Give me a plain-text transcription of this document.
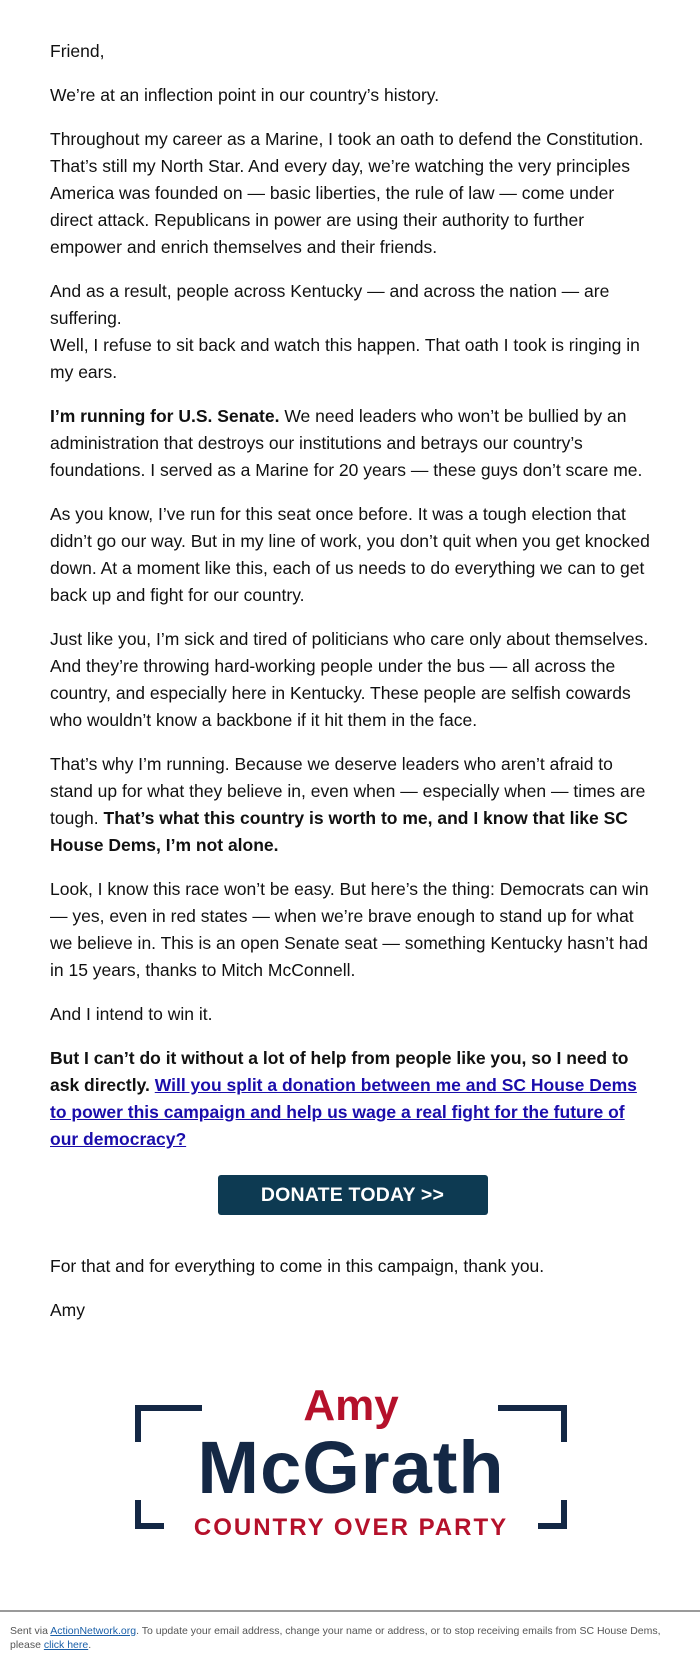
Friend,

We’re at an inflection point in our country’s history.

Throughout my career as a Marine, I took an oath to defend the Constitution. That’s still my North Star. And every day, we’re watching the very principles America was founded on — basic liberties, the rule of law — come under direct attack. Republicans in power are using their authority to further empower and enrich themselves and their friends.

And as a result, people across Kentucky — and across the nation — are suffering.
Well, I refuse to sit back and watch this happen. That oath I took is ringing in my ears.

I’m running for U.S. Senate. We need leaders who won’t be bullied by an administration that destroys our institutions and betrays our country’s foundations. I served as a Marine for 20 years — these guys don’t scare me.

As you know, I’ve run for this seat once before. It was a tough election that didn’t go our way. But in my line of work, you don’t quit when you get knocked down. At a moment like this, each of us needs to do everything we can to get back up and fight for our country.

Just like you, I’m sick and tired of politicians who care only about themselves. And they’re throwing hard-working people under the bus — all across the country, and especially here in Kentucky. These people are selfish cowards who wouldn’t know a backbone if it hit them in the face.

That’s why I’m running. Because we deserve leaders who aren’t afraid to stand up for what they believe in, even when — especially when — times are tough. That’s what this country is worth to me, and I know that like SC House Dems, I’m not alone.

Look, I know this race won’t be easy. But here’s the thing: Democrats can win — yes, even in red states — when we’re brave enough to stand up for what we believe in. This is an open Senate seat — something Kentucky hasn’t had in 15 years, thanks to Mitch McConnell.

And I intend to win it.

But I can’t do it without a lot of help from people like you, so I need to ask directly. Will you split a donation between me and SC House Dems to power this campaign and help us wage a real fight for the future of our democracy?

DONATE TODAY >>

For that and for everything to come in this campaign, thank you.

Amy

Amy
McGrath
COUNTRY OVER PARTY
Sent via ActionNetwork.org. To update your email address, change your name or address, or to stop receiving emails from SC House Dems, please click here.
